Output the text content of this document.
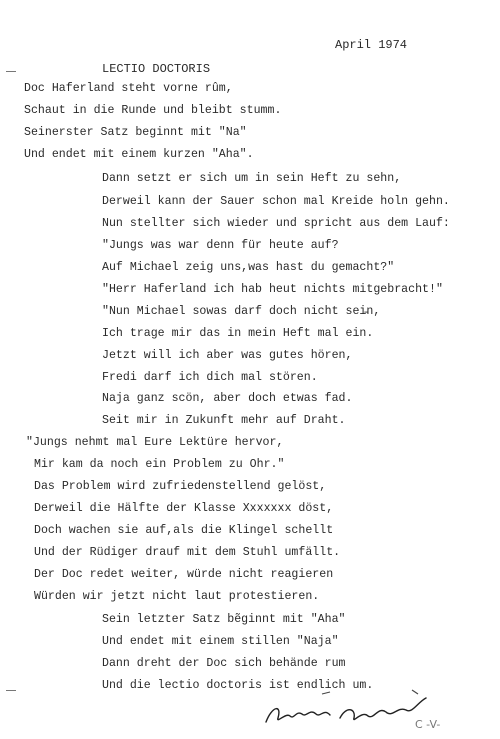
April 1974
LECTIO DOCTORIS
Doc Haferland steht vorne rûm,
Schaut in die Runde und bleibt stumm.
Seinerster Satz beginnt mit "Na"
Und endet mit einem kurzen "Aha".
Dann setzt er sich um in sein Heft zu sehn,
Derweil kann der Sauer schon mal Kreide holn gehn.
Nun stellter sich wieder und spricht aus dem Lauf:
"Jungs was war denn für heute auf?
Auf Michael zeig uns,was hast du gemacht?"
"Herr Haferland ich hab heut nichts mitgebracht!"
"Nun Michael sowas darf doch nicht sei̵n,
Ich trage mir das in mein Heft mal ein.
Jetzt will ich aber was gutes hören,
Fredi darf ich dich mal stören.
Naja ganz scön, aber doch etwas fad.
Seit mir in Zukunft mehr auf Draht.
"Jungs nehmt mal Eure Lektüre hervor,
Mir kam da noch ein Problem zu Ohr."
Das Problem wird zufriedenstellend gelöst,
Derweil die Hälfte der Klasse Xxxxxxx döst,
Doch wachen sie auf,als die Klingel schellt
Und der Rüdiger drauf mit dem Stuhl umfällt.
Der Doc redet weiter, würde nicht reagieren
Würden wir jetzt nicht laut protestieren.
Sein letzter Satz bẽginnt mit "Aha"
Und endet mit einem stillen "Naja"
Dann dreht der Doc sich behände rum
Und die lectio doctoris ist endlich um.
C -V-
